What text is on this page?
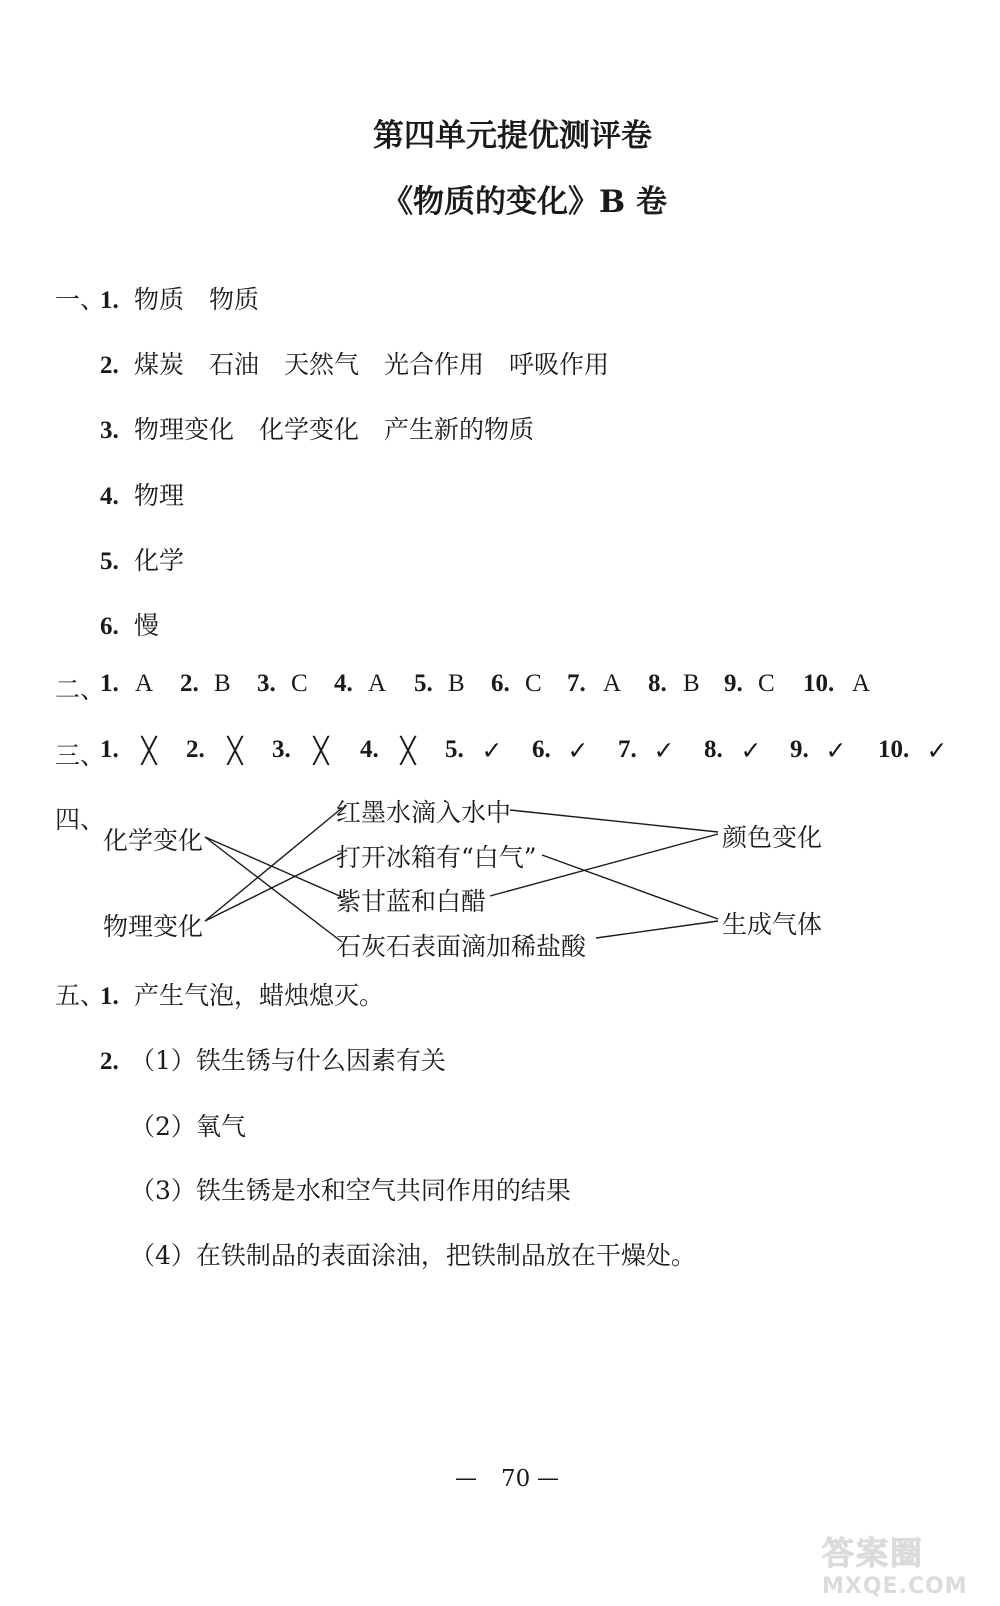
第四单元提优测评卷
《物质的变化》B 卷
一、
1. 物质　物质
2. 煤炭　石油　天然气　光合作用　呼吸作用
3. 物理变化　化学变化　产生新的物质
4. 物理
5. 化学
6. 慢
二、
1. A 2. B 3. C 4. A 5. B 6. C 7. A 8. B 9. C 10. A
三、
1. ╳ 2. ╳ 3. ╳ 4. ╳ 5. ✓ 6. ✓ 7. ✓ 8. ✓ 9. ✓ 10. ✓
四、
化学变化
物理变化
红墨水滴入水中
打开冰箱有“白气”
紫甘蓝和白醋
石灰石表面滴加稀盐酸
颜色变化
生成气体
五、
1. 产生气泡，蜡烛熄灭。
2. （1）铁生锈与什么因素有关
（2）氧气
（3）铁生锈是水和空气共同作用的结果
（4）在铁制品的表面涂油，把铁制品放在干燥处。
— 70 —
答案圈
MXQE.COM
